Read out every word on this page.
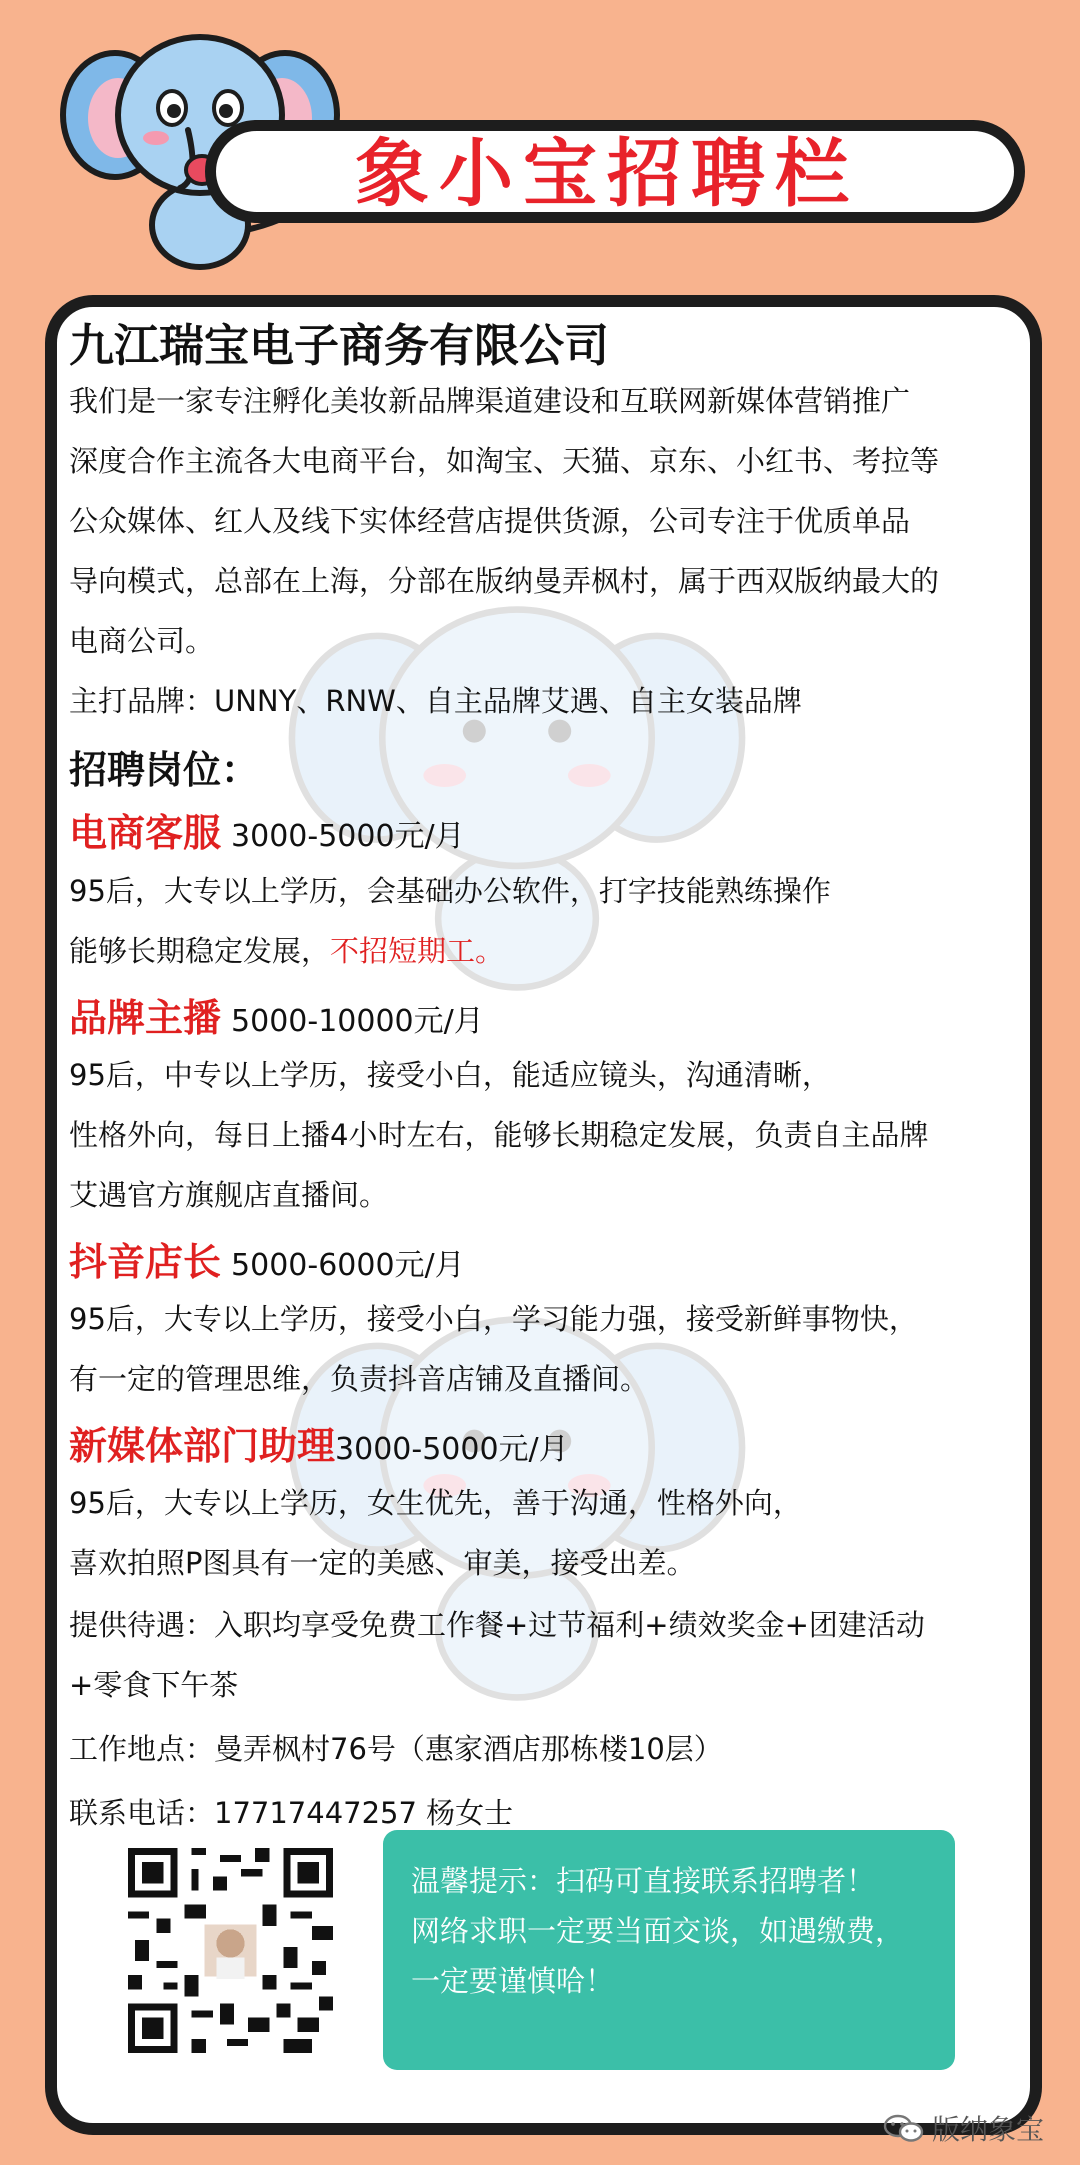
象小宝招聘栏
九江瑞宝电子商务有限公司
我们是一家专注孵化美妆新品牌渠道建设和互联网新媒体营销推广
深度合作主流各大电商平台，如淘宝、天猫、京东、小红书、考拉等
公众媒体、红人及线下实体经营店提供货源，公司专注于优质单品
导向模式，总部在上海，分部在版纳曼弄枫村，属于西双版纳最大的
电商公司。
主打品牌：UNNY、RNW、自主品牌艾遇、自主女装品牌
招聘岗位：
电商客服 3000-5000元/月
95后，大专以上学历，会基础办公软件，打字技能熟练操作
能够长期稳定发展，不招短期工。
品牌主播 5000-10000元/月
95后，中专以上学历，接受小白，能适应镜头，沟通清晰，
性格外向，每日上播4小时左右，能够长期稳定发展，负责自主品牌
艾遇官方旗舰店直播间。
抖音店长 5000-6000元/月
95后，大专以上学历，接受小白，学习能力强，接受新鲜事物快，
有一定的管理思维，负责抖音店铺及直播间。
新媒体部门助理3000-5000元/月
95后，大专以上学历，女生优先，善于沟通，性格外向，
喜欢拍照P图具有一定的美感、审美，接受出差。
提供待遇：入职均享受免费工作餐+过节福利+绩效奖金+团建活动
+零食下午茶
工作地点：曼弄枫村76号（惠家酒店那栋楼10层）
联系电话：17717447257 杨女士
温馨提示：扫码可直接联系招聘者！
网络求职一定要当面交谈，如遇缴费，
一定要谨慎哈！
版纳象宝
